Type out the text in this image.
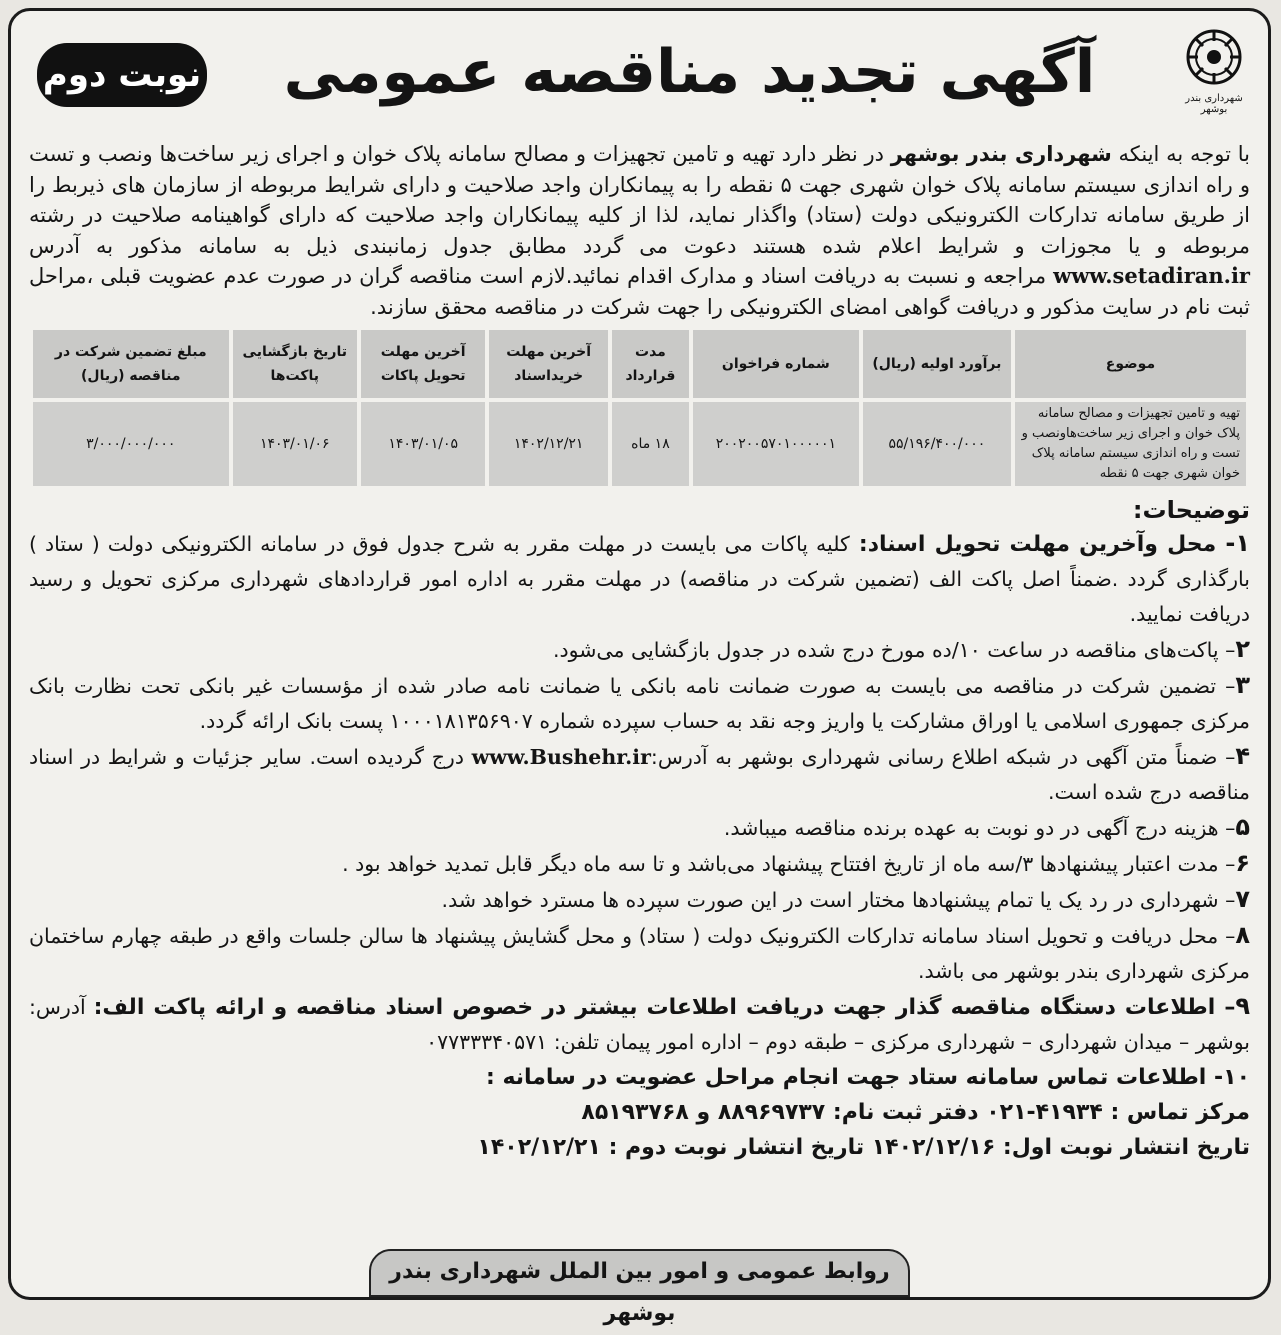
شهرداری بندر بوشهر
آگهی تجدید مناقصه عمومی
نوبت دوم
با توجه به اینکه شهرداری بندر بوشهر در نظر دارد تهیه و تامین تجهیزات و مصالح سامانه پلاک خوان و اجرای زیر ساخت‌ها ونصب و تست و راه اندازی سیستم سامانه پلاک خوان شهری جهت ۵ نقطه را به پیمانکاران واجد صلاحیت و دارای شرایط مربوطه از سازمان های ذیربط را از طریق سامانه تدارکات الکترونیکی دولت (ستاد) واگذار نماید، لذا از کلیه پیمانکاران واجد صلاحیت که دارای گواهینامه صلاحیت در رشته مربوطه و یا مجوزات و شرایط اعلام شده هستند دعوت می گردد مطابق جدول زمانبندی ذیل به سامانه مذکور به آدرس www.setadiran.ir مراجعه و نسبت به دریافت اسناد و مدارک اقدام نمائید.لازم است مناقصه گران در صورت عدم عضویت قبلی ،مراحل ثبت نام در سایت مذکور و دریافت گواهی امضای الکترونیکی را جهت شرکت در مناقصه محقق سازند.
موضوع	برآورد اولیه (ریال)	شماره فراخوان	مدت قرارداد	آخرین مهلت خریداسناد	آخرین مهلت تحویل پاکات	تاریخ بازگشایی پاکت‌ها	مبلغ تضمین شرکت در مناقصه (ریال)
تهیه و تامین تجهیزات و مصالح سامانه پلاک خوان و اجرای زیر ساخت‌هاونصب و تست و راه اندازی سیستم سامانه پلاک خوان شهری جهت ۵ نقطه	۵۵/۱۹۶/۴۰۰/۰۰۰	۲۰۰۲۰۰۵۷۰۱۰۰۰۰۰۱	۱۸ ماه	۱۴۰۲/۱۲/۲۱	۱۴۰۳/۰۱/۰۵	۱۴۰۳/۰۱/۰۶	۳/۰۰۰/۰۰۰/۰۰۰
توضیحات:
۱- محل وآخرین مهلت تحویل اسناد: کلیه پاکات می بایست در مهلت مقرر به شرح جدول فوق در سامانه الکترونیکی دولت ( ستاد ) بارگذاری گردد .ضمناً اصل پاکت الف (تضمین شرکت در مناقصه) در مهلت مقرر به اداره امور قراردادهای شهرداری مرکزی تحویل و رسید دریافت نمایید.
۲– پاکت‌های مناقصه در ساعت ۱۰/ده مورخ درج شده در جدول بازگشایی می‌شود.
۳– تضمین شرکت در مناقصه می بایست به صورت ضمانت نامه بانکی یا ضمانت نامه صادر شده از مؤسسات غیر بانکی تحت نظارت بانک مرکزی جمهوری اسلامی یا اوراق مشارکت یا واریز وجه نقد به حساب سپرده شماره ۱۰۰۰۱۸۱۳۵۶۹۰۷ پست بانک ارائه گردد.
۴– ضمناً متن آگهی در شبکه اطلاع رسانی شهرداری بوشهر به آدرس:www.Bushehr.ir درج گردیده است. سایر جزئیات و شرایط در اسناد مناقصه درج شده است.
۵– هزینه درج آگهی در دو نوبت به عهده برنده مناقصه میباشد.
۶– مدت اعتبار پیشنهادها ۳/سه ماه از تاریخ افتتاح پیشنهاد می‌باشد و تا سه ماه دیگر قابل تمدید خواهد بود .
۷– شهرداری در رد یک یا تمام پیشنهادها مختار است در این صورت سپرده ها مسترد خواهد شد.
۸– محل دریافت و تحویل اسناد سامانه تدارکات الکترونیک دولت ( ستاد) و محل گشایش پیشنهاد ها سالن جلسات واقع در طبقه چهارم ساختمان مرکزی شهرداری بندر بوشهر می باشد.
۹– اطلاعات دستگاه مناقصه گذار جهت دریافت اطلاعات بیشتر در خصوص اسناد مناقصه و ارائه پاکت الف: آدرس: بوشهر – میدان شهرداری – شهرداری مرکزی – طبقه دوم – اداره امور پیمان تلفن: ۰۷۷۳۳۳۴۰۵۷۱
۱۰- اطلاعات تماس سامانه ستاد جهت انجام مراحل عضویت در سامانه :
مرکز تماس : ۴۱۹۳۴-۰۲۱ دفتر ثبت نام: ۸۸۹۶۹۷۳۷ و ۸۵۱۹۳۷۶۸
تاریخ انتشار نوبت اول: ۱۴۰۲/۱۲/۱۶ تاریخ انتشار نوبت دوم : ۱۴۰۲/۱۲/۲۱
روابط عمومی و امور بین الملل شهرداری بندر بوشهر
